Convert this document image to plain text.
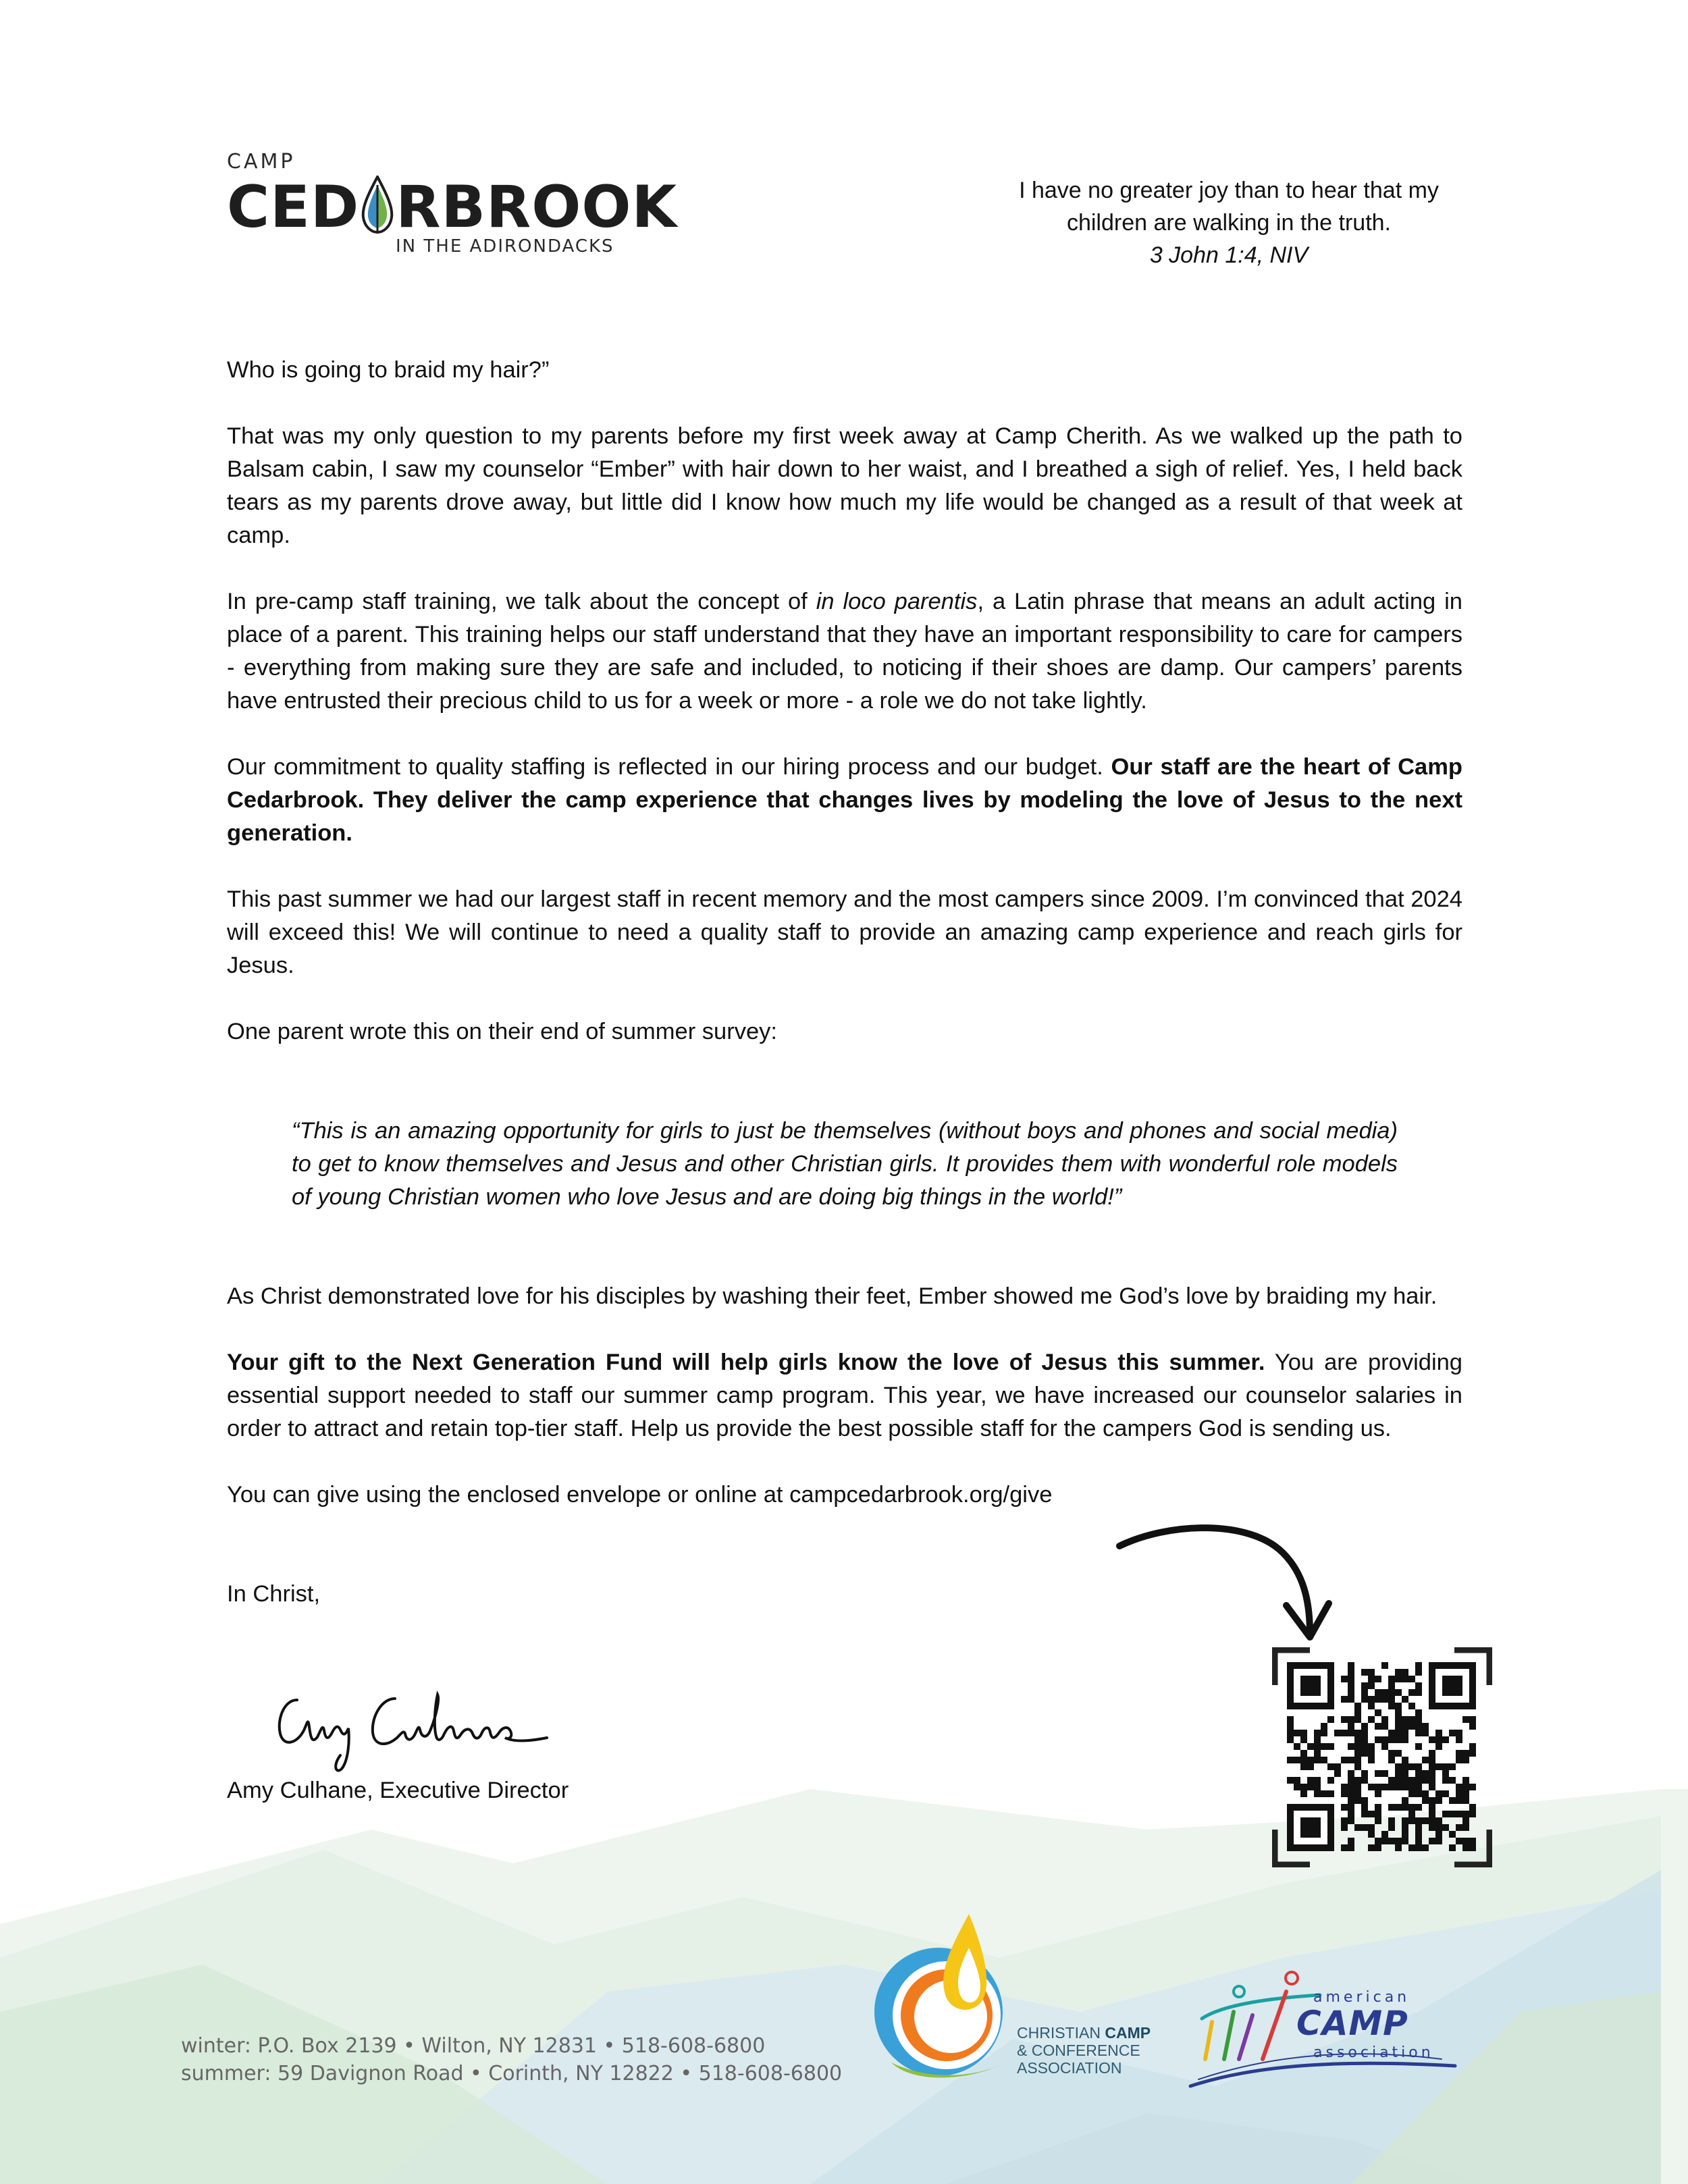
CAMP
CED RBROOK
IN THE ADIRONDACKS
I have no greater joy than to hear that my
children are walking in the truth.
3 John 1:4, NIV

Who is going to braid my hair?”

That was my only question to my parents before my first week away at Camp Cherith. As we walked up the path to Balsam cabin, I saw my counselor “Ember” with hair down to her waist, and I breathed a sigh of relief. Yes, I held back tears as my parents drove away, but little did I know how much my life would be changed as a result of that week at camp.

In pre-camp staff training, we talk about the concept of in loco parentis, a Latin phrase that means an adult acting in place of a parent. This training helps our staff understand that they have an important responsibility to care for campers - everything from making sure they are safe and included, to noticing if their shoes are damp. Our campers’ parents have entrusted their precious child to us for a week or more - a role we do not take lightly.

Our commitment to quality staffing is reflected in our hiring process and our budget. Our staff are the heart of Camp Cedarbrook. They deliver the camp experience that changes lives by modeling the love of Jesus to the next generation.

This past summer we had our largest staff in recent memory and the most campers since 2009. I’m convinced that 2024 will exceed this! We will continue to need a quality staff to provide an amazing camp experience and reach girls for Jesus.

One parent wrote this on their end of summer survey:

“This is an amazing opportunity for girls to just be themselves (without boys and phones and social media) to get to know themselves and Jesus and other Christian girls. It provides them with wonderful role models of young Christian women who love Jesus and are doing big things in the world!”

As Christ demonstrated love for his disciples by washing their feet, Ember showed me God’s love by braiding my hair.

Your gift to the Next Generation Fund will help girls know the love of Jesus this summer. You are providing essential support needed to staff our summer camp program. This year, we have increased our counselor salaries in order to attract and retain top-tier staff. Help us provide the best possible staff for the campers God is sending us.

You can give using the enclosed envelope or online at campcedarbrook.org/give

In Christ,

Amy Culhane, Executive Director
winter: P.O. Box 2139 • Wilton, NY 12831 • 518-608-6800
summer: 59 Davignon Road • Corinth, NY 12822 • 518-608-6800
CHRISTIAN CAMP
& CONFERENCE
ASSOCIATION
american
CAMP
association
